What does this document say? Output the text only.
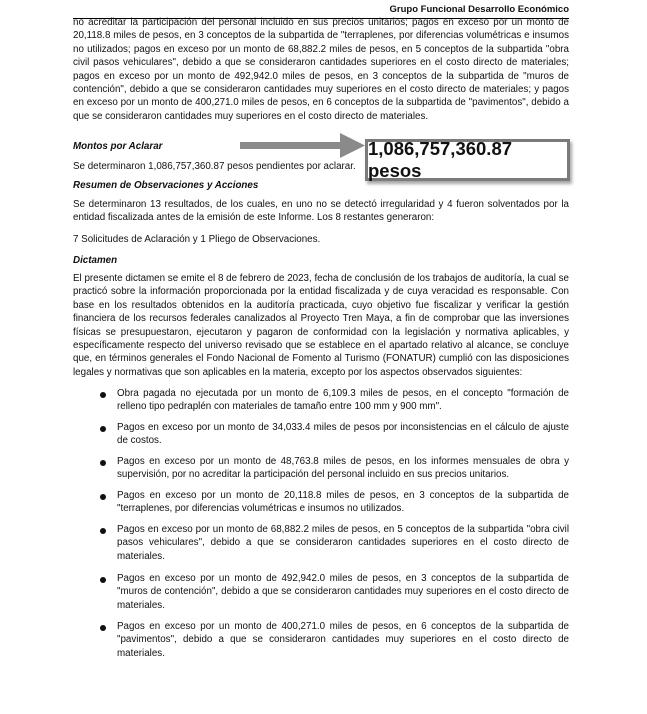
Grupo Funcional Desarrollo Económico

no acreditar la participación del personal incluido en sus precios unitarios; pagos en exceso por un monto de 20,118.8 miles de pesos, en 3 conceptos de la subpartida de "terraplenes, por diferencias volumétricas e insumos no utilizados; pagos en exceso por un monto de 68,882.2 miles de pesos, en 5 conceptos de la subpartida "obra civil pasos vehiculares", debido a que se consideraron cantidades superiores en el costo directo de materiales; pagos en exceso por un monto de 492,942.0 miles de pesos, en 3 conceptos de la subpartida de "muros de contención", debido a que se consideraron cantidades muy superiores en el costo directo de materiales; y pagos en exceso por un monto de 400,271.0 miles de pesos, en 6 conceptos de la subpartida de "pavimentos", debido a que se consideraron cantidades muy superiores en el costo directo de materiales.

Montos por Aclarar

Se determinaron 1,086,757,360.87 pesos pendientes por aclarar.

1,086,757,360.87 pesos

Resumen de Observaciones y Acciones

Se determinaron 13 resultados, de los cuales, en uno no se detectó irregularidad y 4 fueron solventados por la entidad fiscalizada antes de la emisión de este Informe. Los 8 restantes generaron:

7 Solicitudes de Aclaración y 1 Pliego de Observaciones.

Dictamen

El presente dictamen se emite el 8 de febrero de 2023, fecha de conclusión de los trabajos de auditoría, la cual se practicó sobre la información proporcionada por la entidad fiscalizada y de cuya veracidad es responsable. Con base en los resultados obtenidos en la auditoría practicada, cuyo objetivo fue fiscalizar y verificar la gestión financiera de los recursos federales canalizados al Proyecto Tren Maya, a fin de comprobar que las inversiones físicas se presupuestaron, ejecutaron y pagaron de conformidad con la legislación y normativa aplicables, y específicamente respecto del universo revisado que se establece en el apartado relativo al alcance, se concluye que, en términos generales el Fondo Nacional de Fomento al Turismo (FONATUR) cumplió con las disposiciones legales y normativas que son aplicables en la materia, excepto por los aspectos observados siguientes:

Obra pagada no ejecutada por un monto de 6,109.3 miles de pesos, en el concepto "formación de relleno tipo pedraplén con materiales de tamaño entre 100 mm y 900 mm".

Pagos en exceso por un monto de 34,033.4 miles de pesos por inconsistencias en el cálculo de ajuste de costos.

Pagos en exceso por un monto de 48,763.8 miles de pesos, en los informes mensuales de obra y supervisión, por no acreditar la participación del personal incluido en sus precios unitarios.

Pagos en exceso por un monto de 20,118.8 miles de pesos, en 3 conceptos de la subpartida de "terraplenes, por diferencias volumétricas e insumos no utilizados.

Pagos en exceso por un monto de 68,882.2 miles de pesos, en 5 conceptos de la subpartida "obra civil pasos vehiculares", debido a que se consideraron cantidades superiores en el costo directo de materiales.

Pagos en exceso por un monto de 492,942.0 miles de pesos, en 3 conceptos de la subpartida de "muros de contención", debido a que se consideraron cantidades muy superiores en el costo directo de materiales.

Pagos en exceso por un monto de 400,271.0 miles de pesos, en 6 conceptos de la subpartida de "pavimentos", debido a que se consideraron cantidades muy superiores en el costo directo de materiales.
